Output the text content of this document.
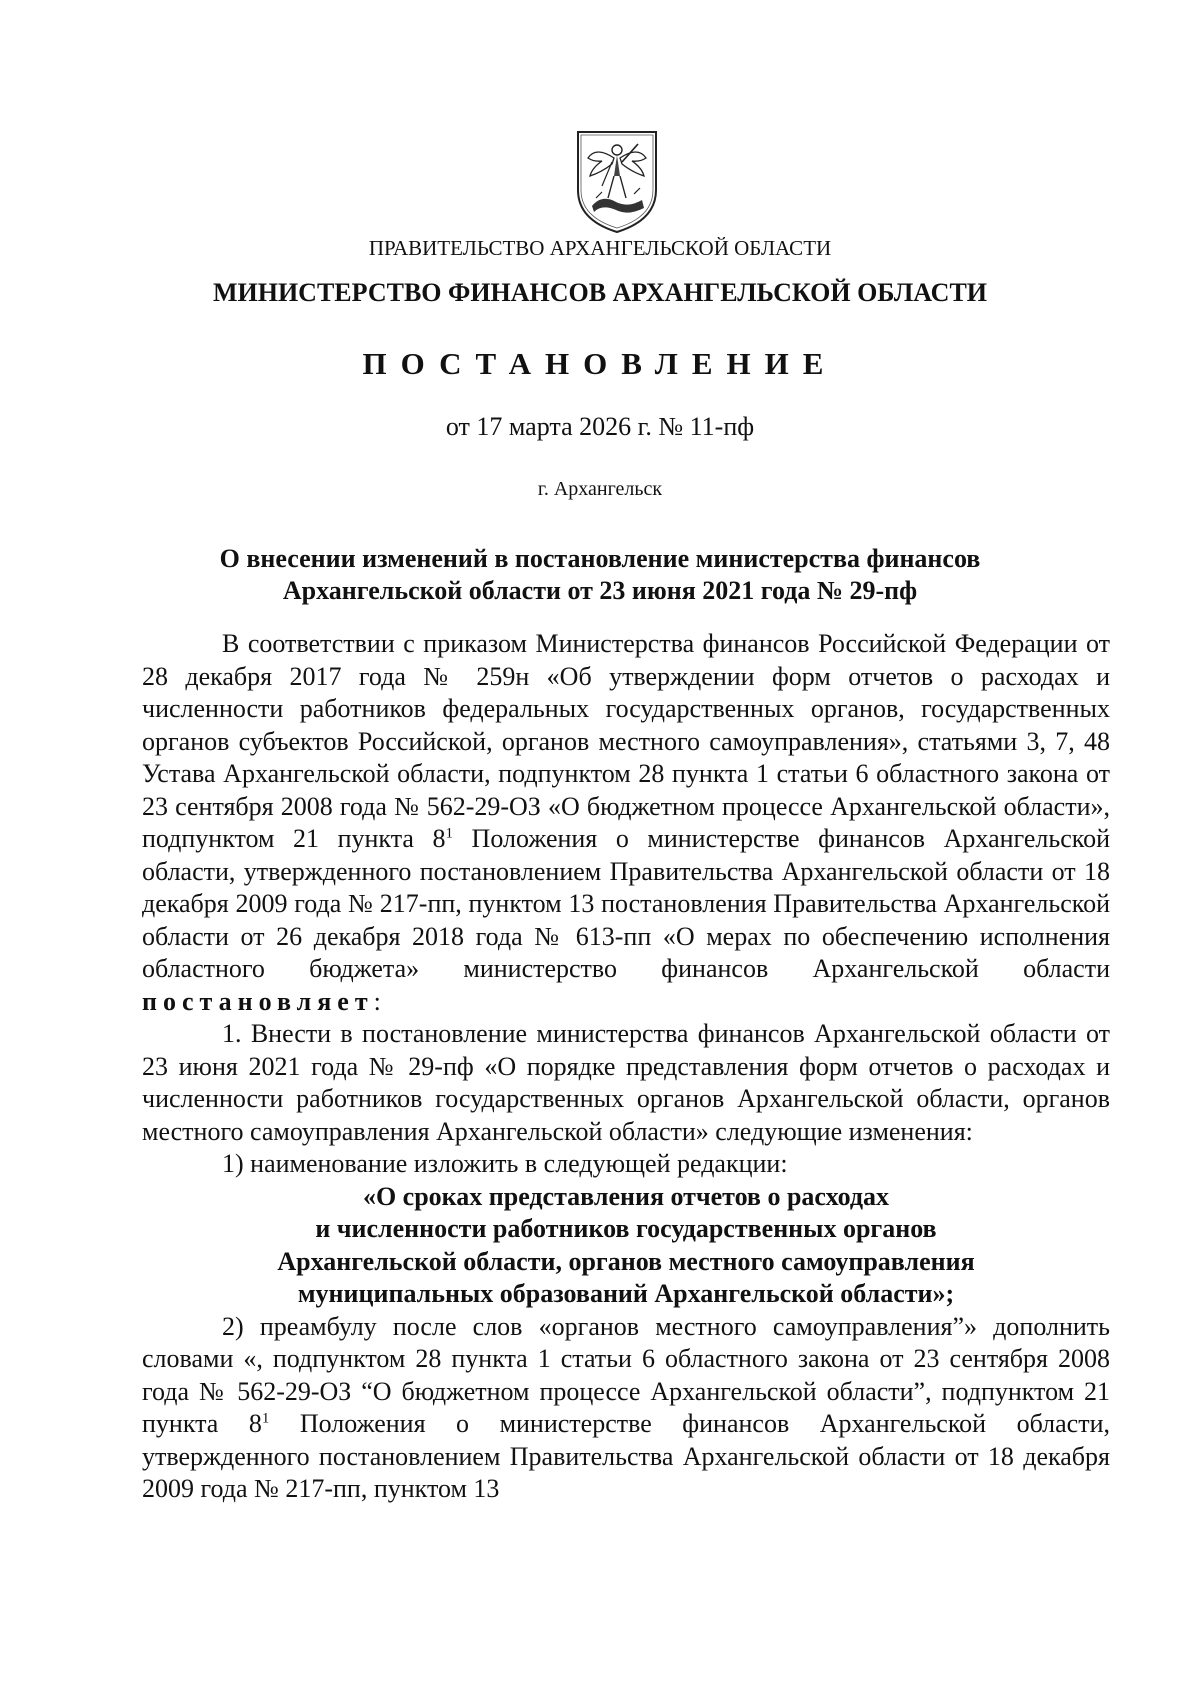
ПРАВИТЕЛЬСТВО АРХАНГЕЛЬСКОЙ ОБЛАСТИ
МИНИСТЕРСТВО ФИНАНСОВ АРХАНГЕЛЬСКОЙ ОБЛАСТИ
ПОСТАНОВЛЕНИЕ
от 17 марта 2026 г. № 11-пф
г. Архангельск
О внесении изменений в постановление министерства финансов
Архангельской области от 23 июня 2021 года № 29-пф

В соответствии с приказом Министерства финансов Российской Федерации от 28 декабря 2017 года № 259н «Об утверждении форм отчетов о расходах и численности работников федеральных государственных органов, государственных органов субъектов Российской, органов местного самоуправления», статьями 3, 7, 48 Устава Архангельской области, подпунктом 28 пункта 1 статьи 6 областного закона от 23 сентября 2008 года № 562-29-ОЗ «О бюджетном процессе Архангельской области», подпунктом 21 пункта $8^1$ Положения о министерстве финансов Архангельской области, утвержденного постановлением Правительства Архангельской области от 18 декабря 2009 года № 217-пп, пунктом 13 постановления Правительства Архангельской области от 26 декабря 2018 года № 613-пп «О мерах по обеспечению исполнения областного бюджета» министерство финансов Архангельской области постановляет:

1. Внести в постановление министерства финансов Архангельской области от 23 июня 2021 года № 29-пф «О порядке представления форм отчетов о расходах и численности работников государственных органов Архангельской области, органов местного самоуправления Архангельской области» следующие изменения:

1) наименование изложить в следующей редакции:

«О сроках представления отчетов о расходах

и численности работников государственных органов

Архангельской области, органов местного самоуправления

муниципальных образований Архангельской области»;

2) преамбулу после слов «органов местного самоуправления”» дополнить словами «, подпунктом 28 пункта 1 статьи 6 областного закона от 23 сентября 2008 года № 562-29-ОЗ “О бюджетном процессе Архангельской области”, подпунктом 21 пункта $8^1$ Положения о министерстве финансов Архангельской области, утвержденного постановлением Правительства Архангельской области от 18 декабря 2009 года № 217-пп, пунктом 13
